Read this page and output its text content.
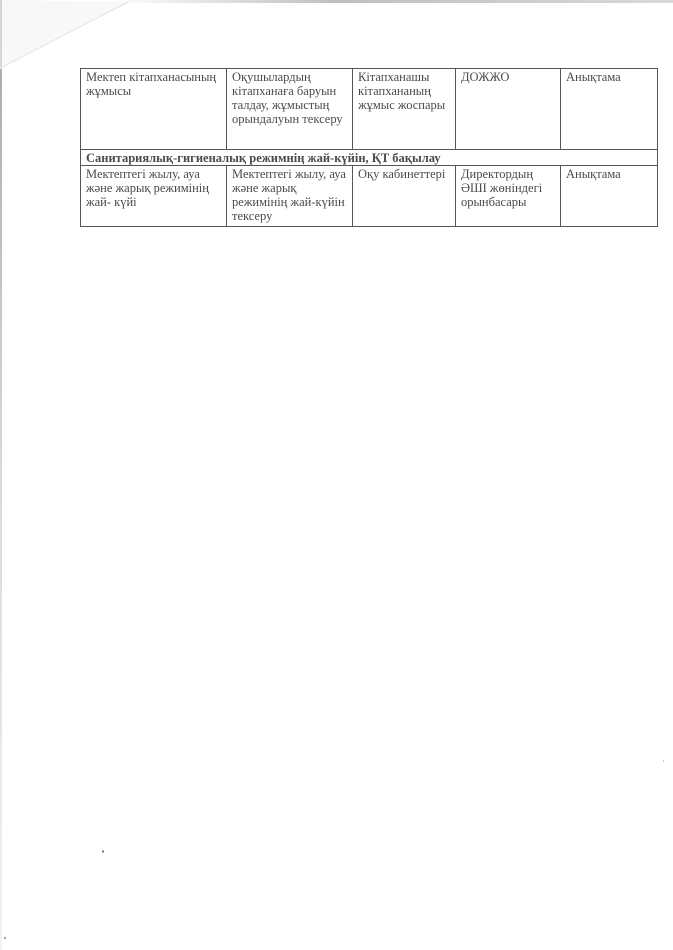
Мектеп кітапханасының жұмысы	Оқушылардың кітапханаға баруын талдау, жұмыстың орындалуын тексеру	Кітапханашы кітапхананың жұмыс жоспары	ДОЖЖО	Анықтама
Санитариялық-гигиеналық режимнің жай-күйін, ҚТ бақылау				
Мектептегі жылу, ауа және жарық режимінің жай- күйі	Мектептегі жылу, ауа және жарық режимінің жай-күйін тексеру	Оқу кабинеттері	Директордың ӘШІ жөніндегі орынбасары	Анықтама
